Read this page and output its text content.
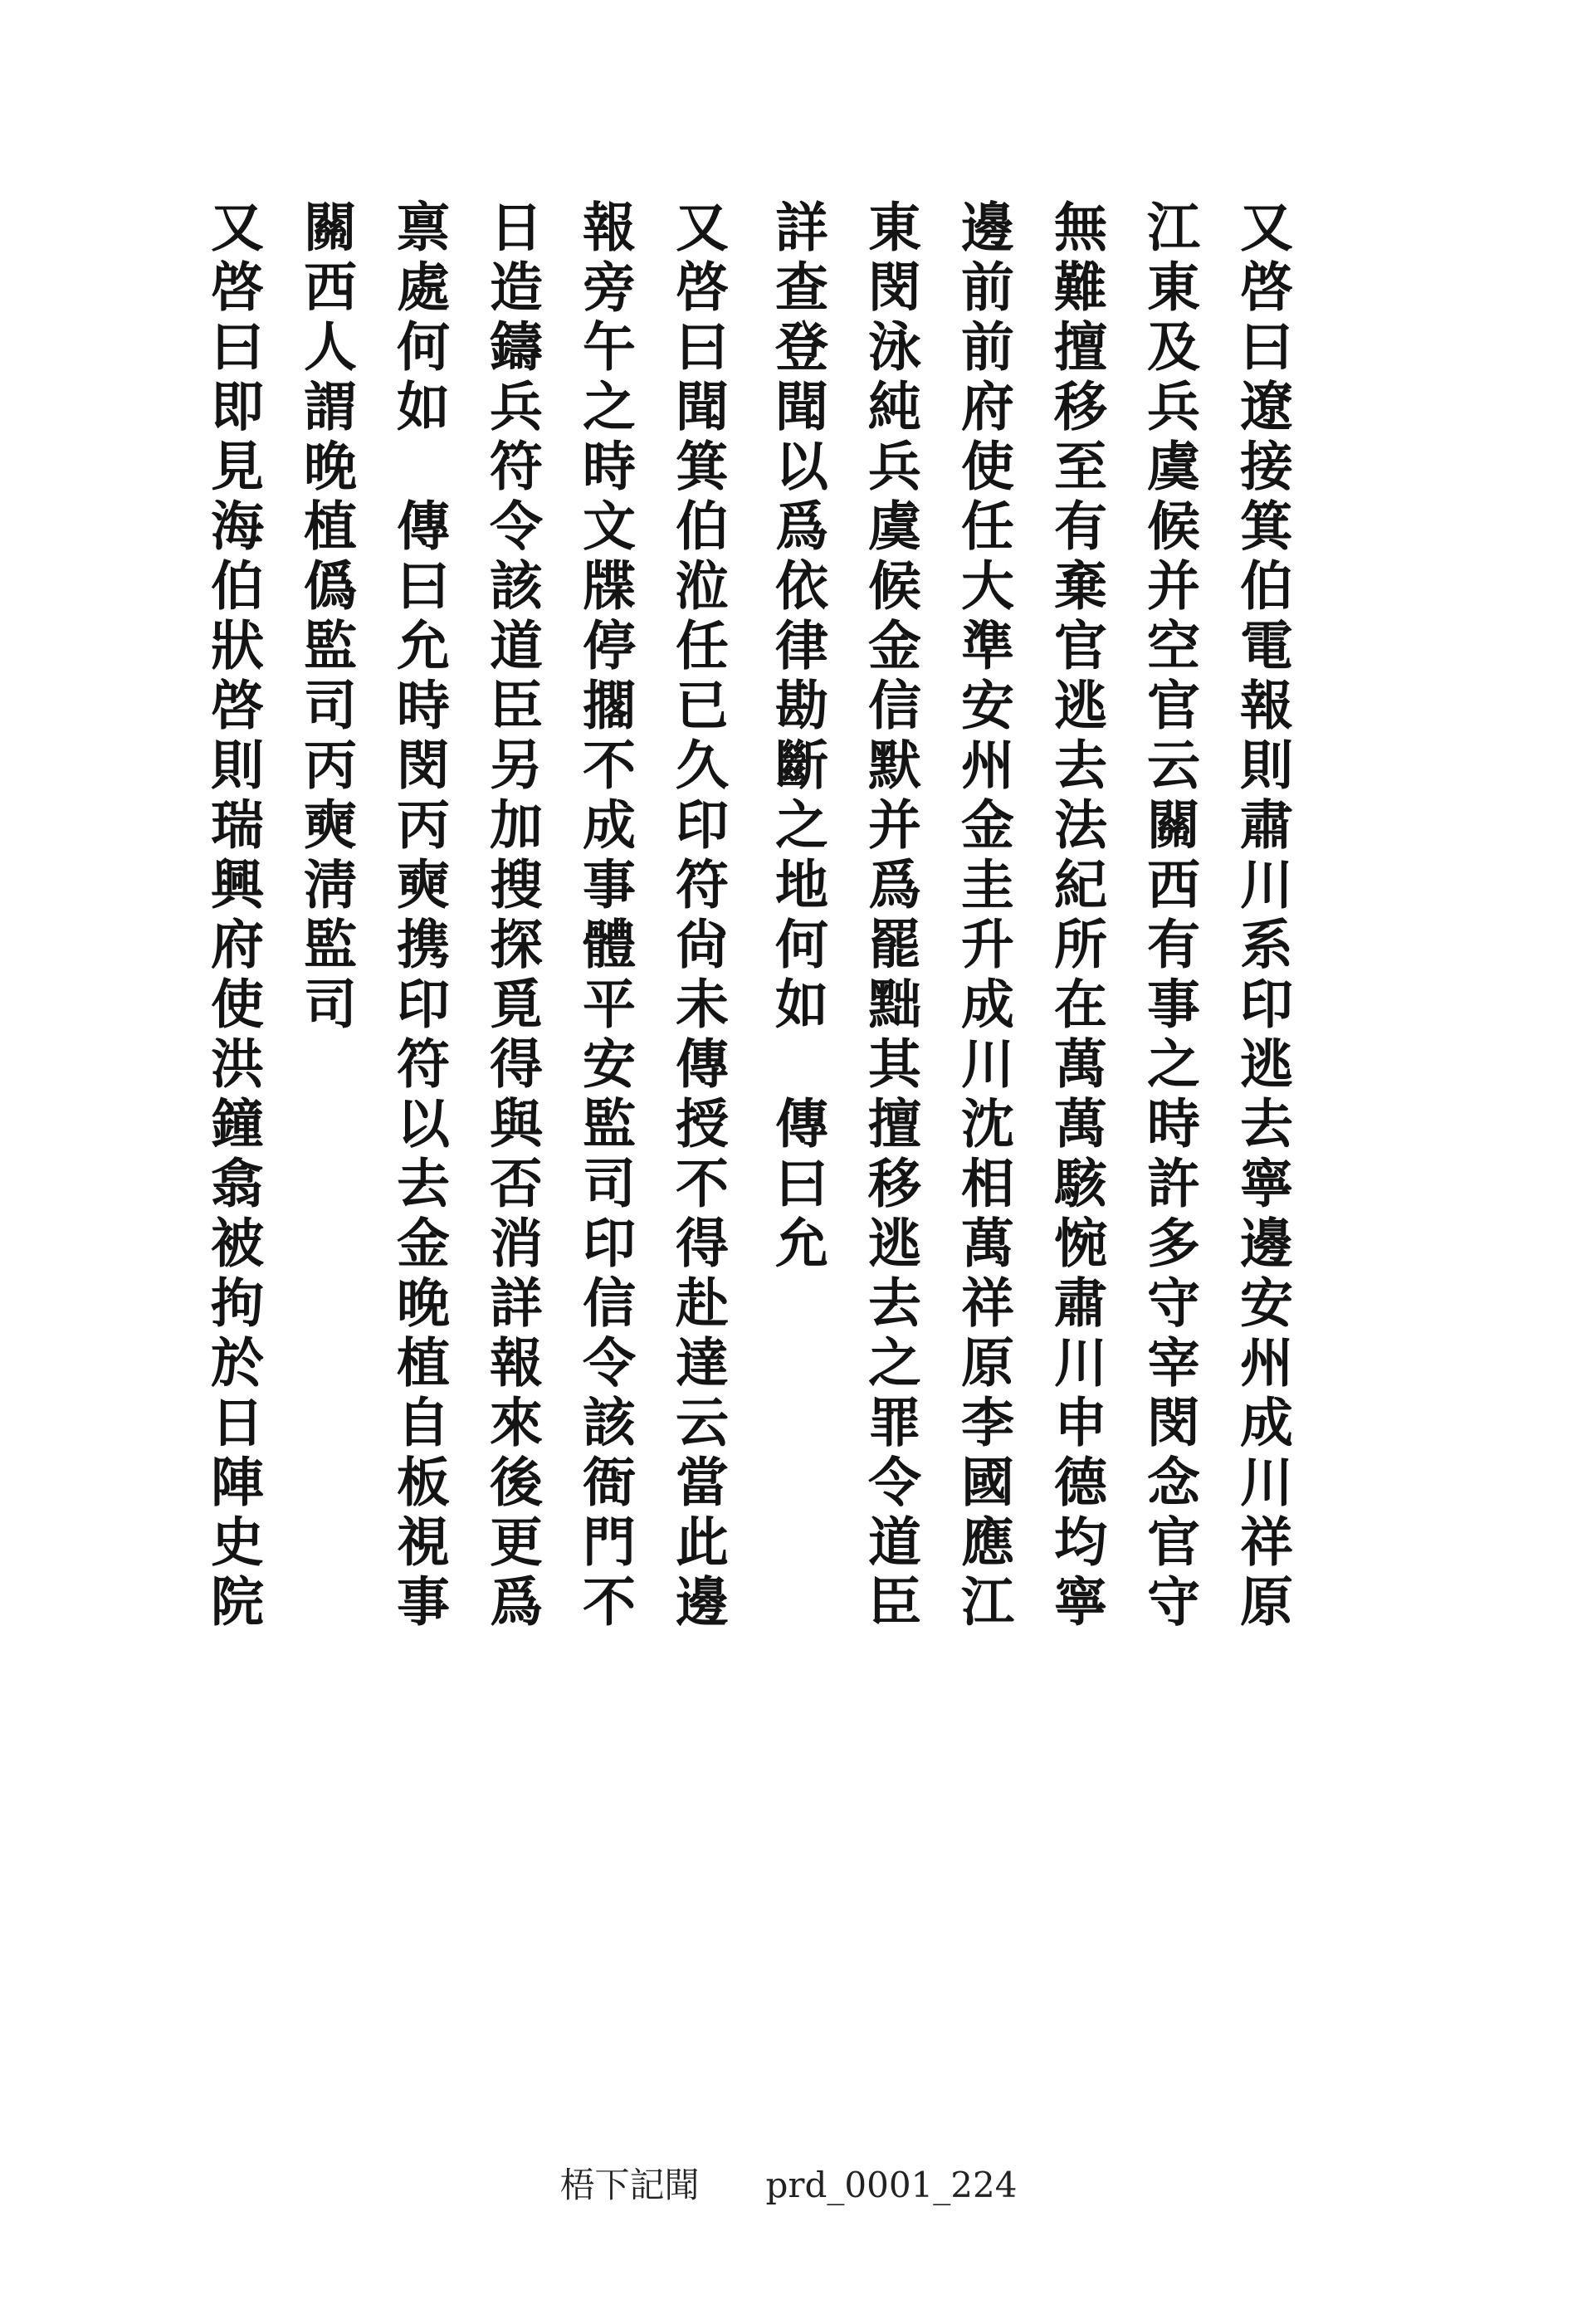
又啓曰遼接箕伯電報則肅川系印逃去寧邊安州成川祥原
江東及兵虞候并空官云關西有事之時許多守宰閔念官守
無難擅移至有棄官逃去法紀所在萬萬駭惋肅川申德均寧
邊前前府使任大準安州金圭升成川沈相萬祥原李國應江
東閔泳純兵虞候金信默并爲罷黜其擅移逃去之罪令道臣
詳查登聞以爲依律勘斷之地何如　傳曰允
又啓曰聞箕伯涖任已久印符尙未傳授不得赴達云當此邊
報旁午之時文牒停擱不成事體平安監司印信令該衙門不
日造鑄兵符令該道臣另加搜探覓得與否消詳報來後更爲
禀處何如　傳曰允時閔丙奭携印符以去金晚植自板視事
關西人謂晚植僞監司丙奭淸監司
又啓曰即見海伯狀啓則瑞興府使洪鐘翕被拘於日陣史院
梧下記聞 prd_0001_224
